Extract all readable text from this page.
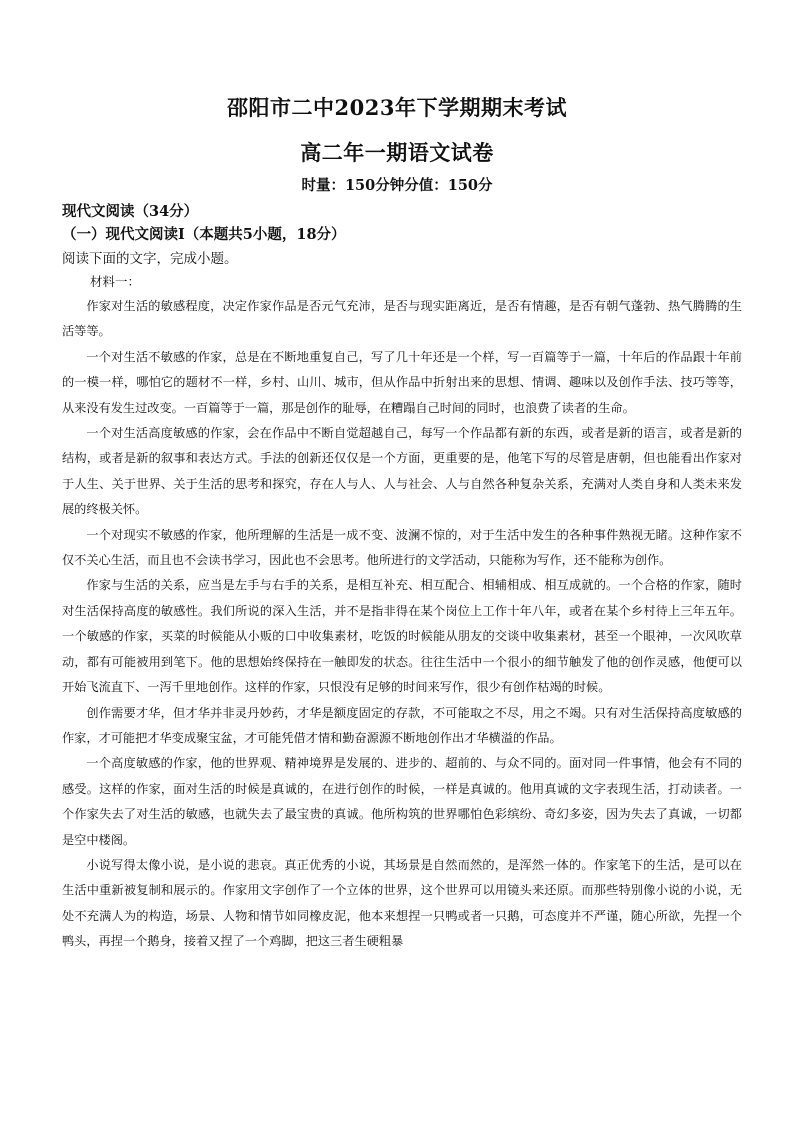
邵阳市二中2023年下学期期末考试
高二年一期语文试卷
时量：150分钟分值：150分
现代文阅读（34分）
（一）现代文阅读I（本题共5小题，18分）
阅读下面的文字，完成小题。
材料一：

作家对生活的敏感程度，决定作家作品是否元气充沛，是否与现实距离近，是否有情趣，是否有朝气蓬勃、热气腾腾的生活等等。

一个对生活不敏感的作家，总是在不断地重复自己，写了几十年还是一个样，写一百篇等于一篇，十年后的作品跟十年前的一模一样，哪怕它的题材不一样，乡村、山川、城市，但从作品中折射出来的思想、情调、趣味以及创作手法、技巧等等，从来没有发生过改变。一百篇等于一篇，那是创作的耻辱，在糟蹋自己时间的同时，也浪费了读者的生命。

一个对生活高度敏感的作家，会在作品中不断自觉超越自己，每写一个作品都有新的东西，或者是新的语言，或者是新的结构，或者是新的叙事和表达方式。手法的创新还仅仅是一个方面，更重要的是，他笔下写的尽管是唐朝，但也能看出作家对于人生、关于世界、关于生活的思考和探究，存在人与人、人与社会、人与自然各种复杂关系，充满对人类自身和人类未来发展的终极关怀。

一个对现实不敏感的作家，他所理解的生活是一成不变、波澜不惊的，对于生活中发生的各种事件熟视无睹。这种作家不仅不关心生活，而且也不会读书学习，因此也不会思考。他所进行的文学活动，只能称为写作，还不能称为创作。

作家与生活的关系，应当是左手与右手的关系，是相互补充、相互配合、相辅相成、相互成就的。一个合格的作家，随时对生活保持高度的敏感性。我们所说的深入生活，并不是指非得在某个岗位上工作十年八年，或者在某个乡村待上三年五年。一个敏感的作家，买菜的时候能从小贩的口中收集素材，吃饭的时候能从朋友的交谈中收集素材，甚至一个眼神，一次风吹草动，都有可能被用到笔下。他的思想始终保持在一触即发的状态。往往生活中一个很小的细节触发了他的创作灵感，他便可以开始飞流直下、一泻千里地创作。这样的作家，只恨没有足够的时间来写作，很少有创作枯竭的时候。

创作需要才华，但才华并非灵丹妙药，才华是额度固定的存款，不可能取之不尽，用之不竭。只有对生活保持高度敏感的作家，才可能把才华变成聚宝盆，才可能凭借才情和勤奋源源不断地创作出才华横溢的作品。

一个高度敏感的作家，他的世界观、精神境界是发展的、进步的、超前的、与众不同的。面对同一件事情，他会有不同的感受。这样的作家，面对生活的时候是真诚的，在进行创作的时候，一样是真诚的。他用真诚的文字表现生活，打动读者。一个作家失去了对生活的敏感，也就失去了最宝贵的真诚。他所构筑的世界哪怕色彩缤纷、奇幻多姿，因为失去了真诚，一切都是空中楼阁。

小说写得太像小说，是小说的悲哀。真正优秀的小说，其场景是自然而然的，是浑然一体的。作家笔下的生活，是可以在生活中重新被复制和展示的。作家用文字创作了一个立体的世界，这个世界可以用镜头来还原。而那些特别像小说的小说，无处不充满人为的构造，场景、人物和情节如同橡皮泥，他本来想捏一只鸭或者一只鹅，可态度并不严谨，随心所欲，先捏一个鸭头，再捏一个鹅身，接着又捏了一个鸡脚，把这三者生硬粗暴
